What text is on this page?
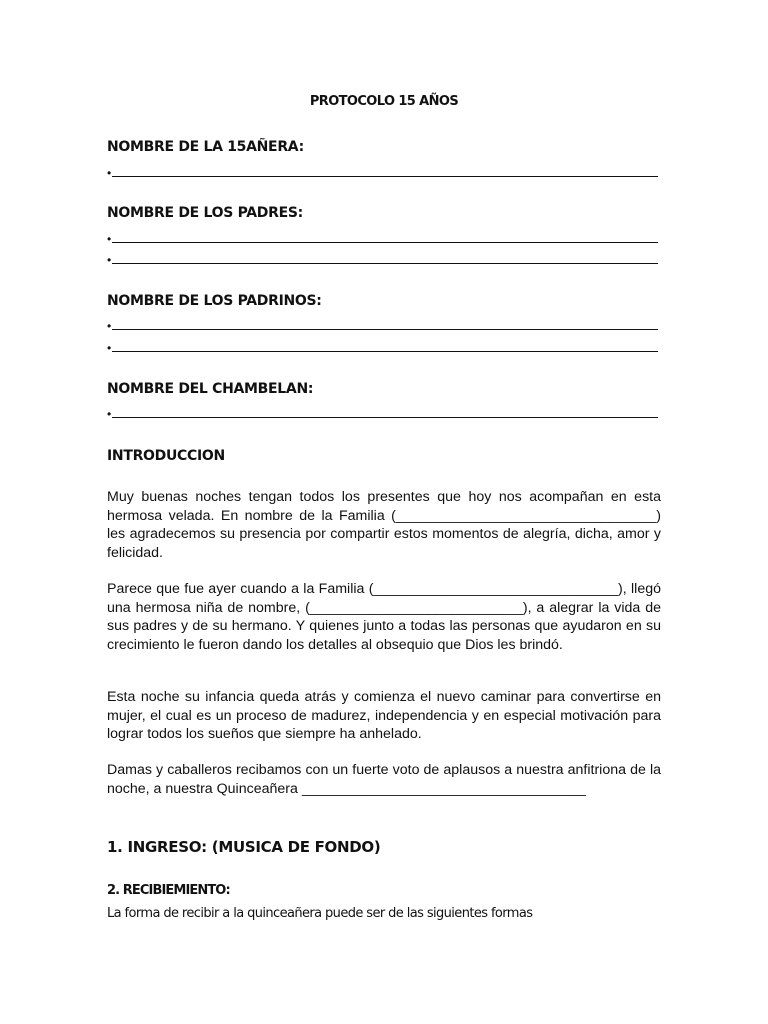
PROTOCOLO 15 AÑOS
NOMBRE DE LA 15AÑERA:
•
NOMBRE DE LOS PADRES:
•
•
NOMBRE DE LOS PADRINOS:
•
•
NOMBRE DEL CHAMBELAN:
•
INTRODUCCION

Muy buenas noches tengan todos los presentes que hoy nos acompañan en esta hermosa velada. En nombre de la Familia (_________________________________) les agradecemos su presencia por compartir estos momentos de alegría, dicha, amor y felicidad.

Parece que fue ayer cuando a la Familia (_______________________________), llegó una hermosa niña de nombre, (___________________________), a alegrar la vida de sus padres y de su hermano. Y quienes junto a todas las personas que ayudaron en su crecimiento le fueron dando los detalles al obsequio que Dios les brindó.

Esta noche su infancia queda atrás y comienza el nuevo caminar para convertirse en mujer, el cual es un proceso de madurez, independencia y en especial motivación para lograr todos los sueños que siempre ha anhelado.

Damas y caballeros recibamos con un fuerte voto de aplausos a nuestra anfitriona de la noche, a nuestra Quinceañera ____________________________________

1. INGRESO: (MUSICA DE FONDO)
2. RECIBIEMIENTO:
La forma de recibir a la quinceañera puede ser de las siguientes formas
